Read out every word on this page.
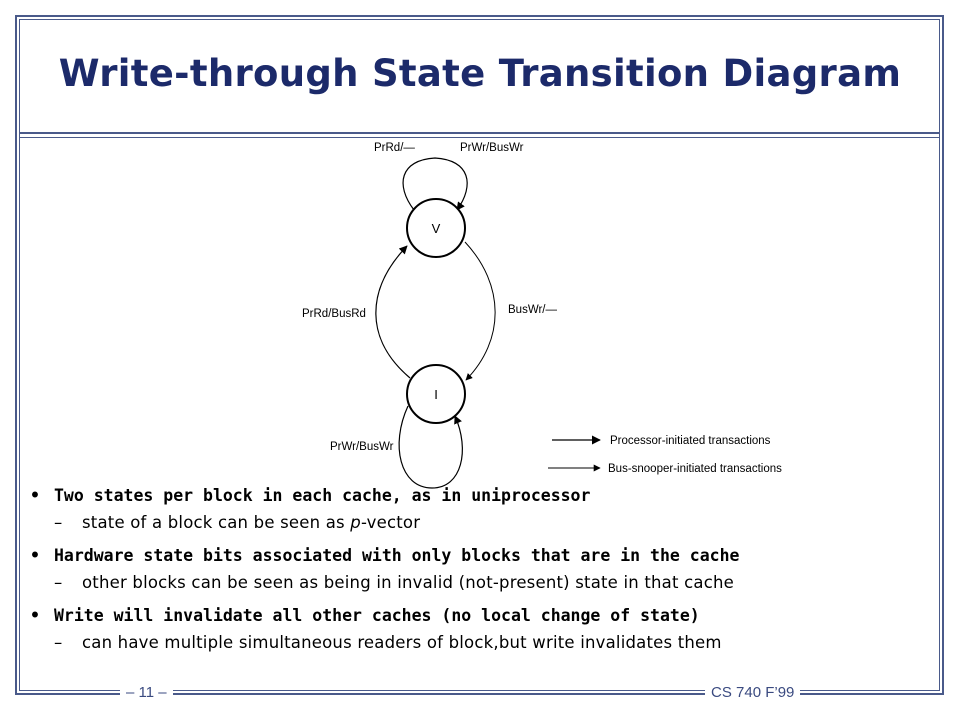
Write-through State Transition Diagram
V
I
PrRd/—	PrWr/BusWr
PrRd/BusRd	BusWr/—
PrWr/BusWr	Processor-initiated transactions
Bus-snooper-initiated transactions
• Two states per block in each cache, as in uniprocessor
– state of a block can be seen as p-vector
• Hardware state bits associated with only blocks that are in the cache
– other blocks can be seen as being in invalid (not-present) state in that cache
• Write will invalidate all other caches (no local change of state)
– can have multiple simultaneous readers of block,but write invalidates them
– 11 –	CS 740 F’99
